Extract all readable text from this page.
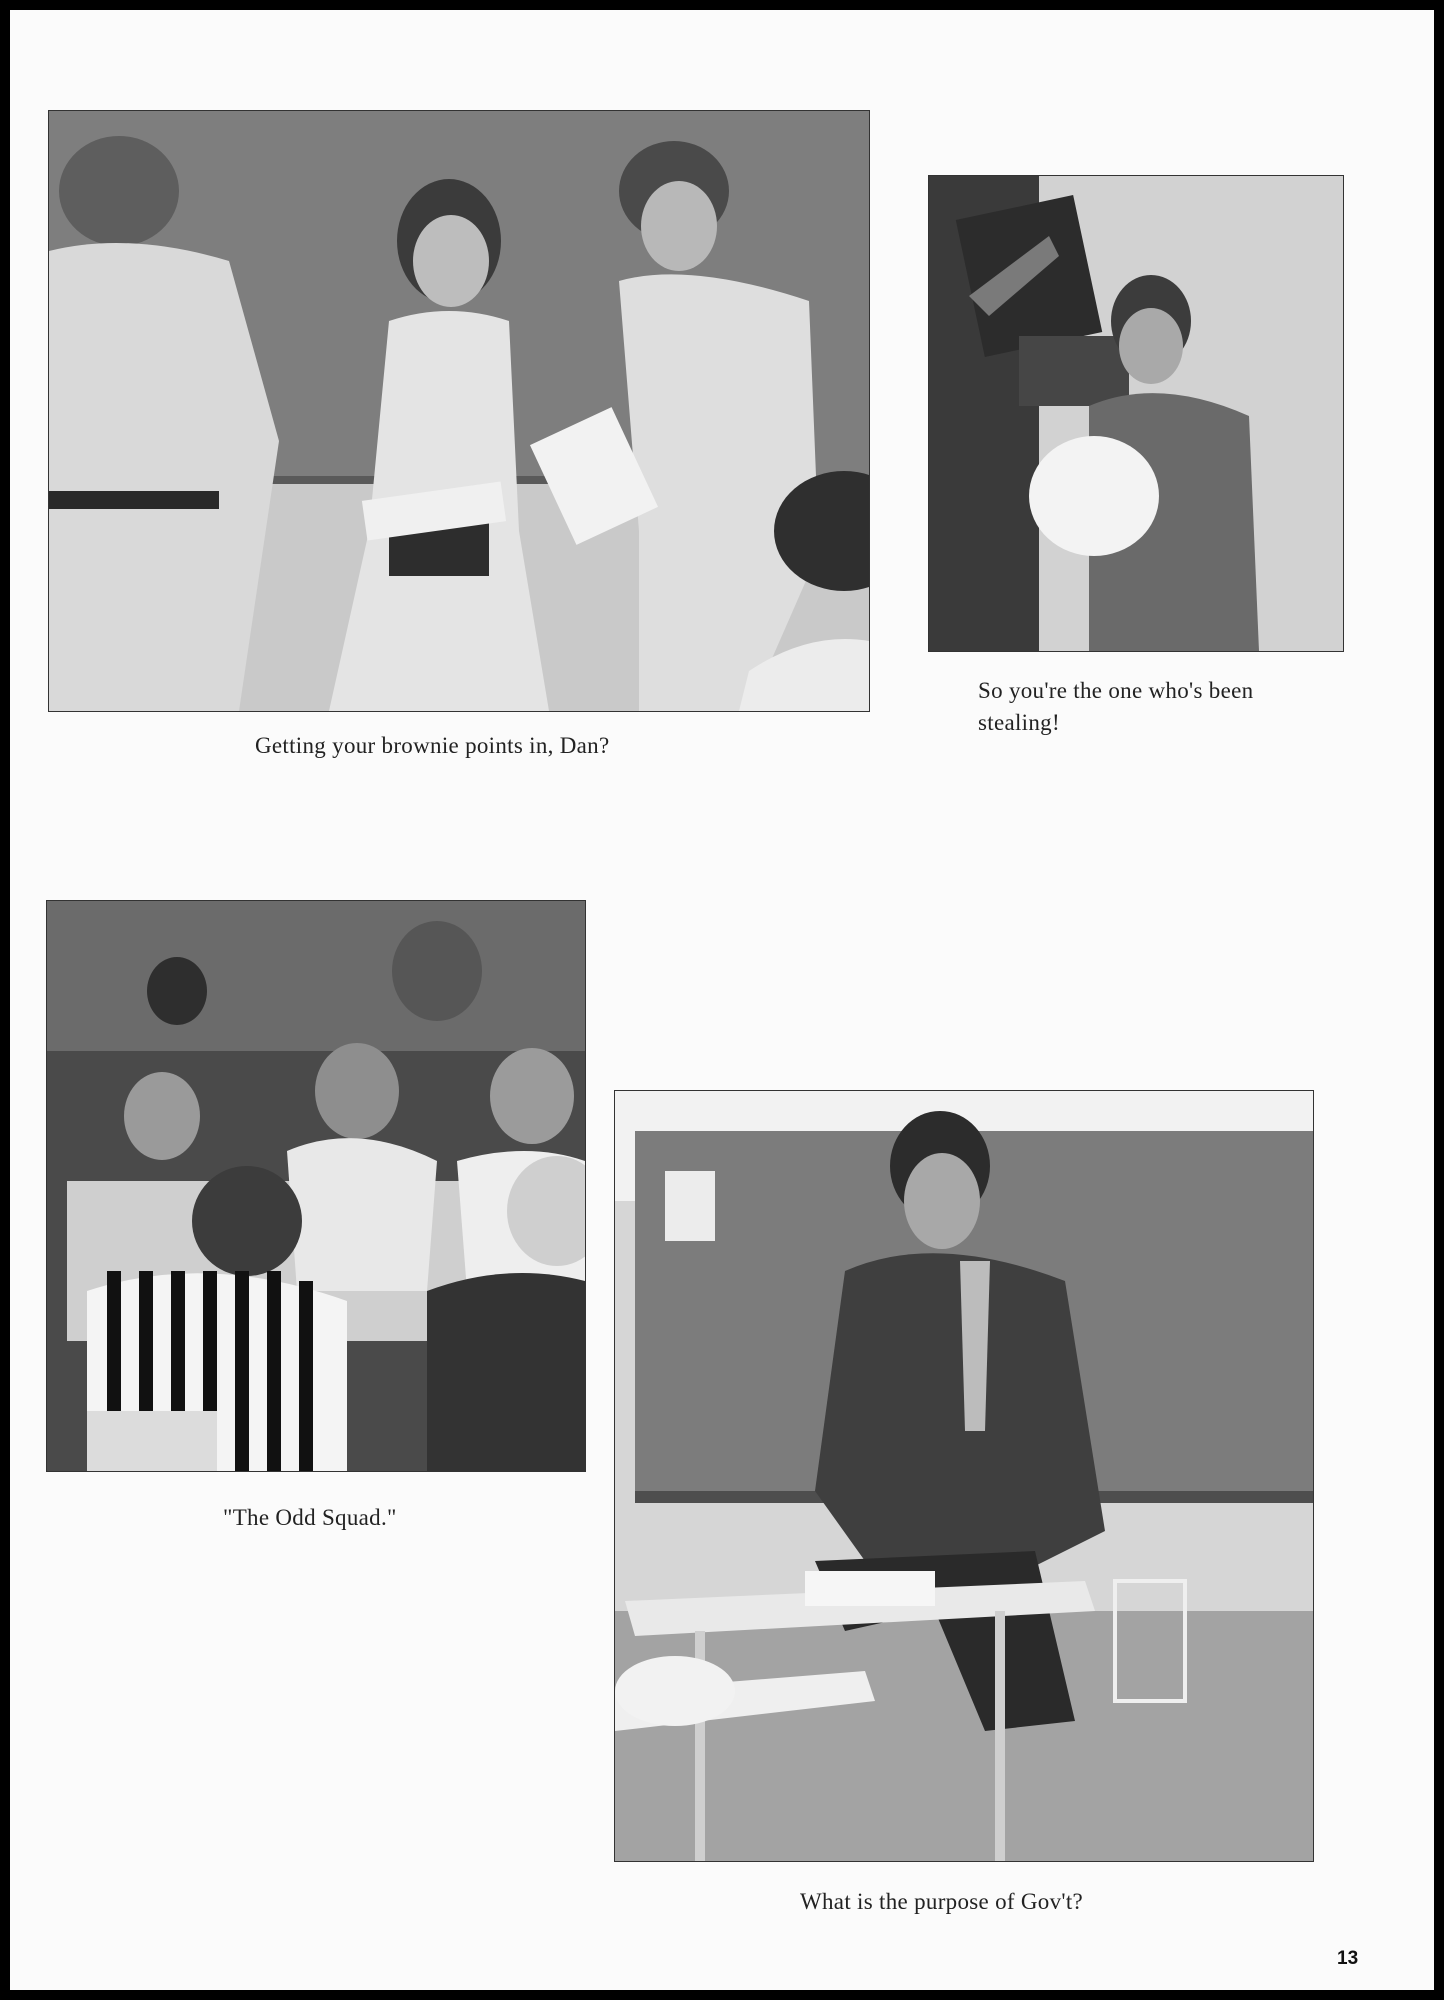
Getting your brownie points in, Dan?
So you're the one who's been stealing!
"The Odd Squad."
What is the purpose of Gov't?
13
